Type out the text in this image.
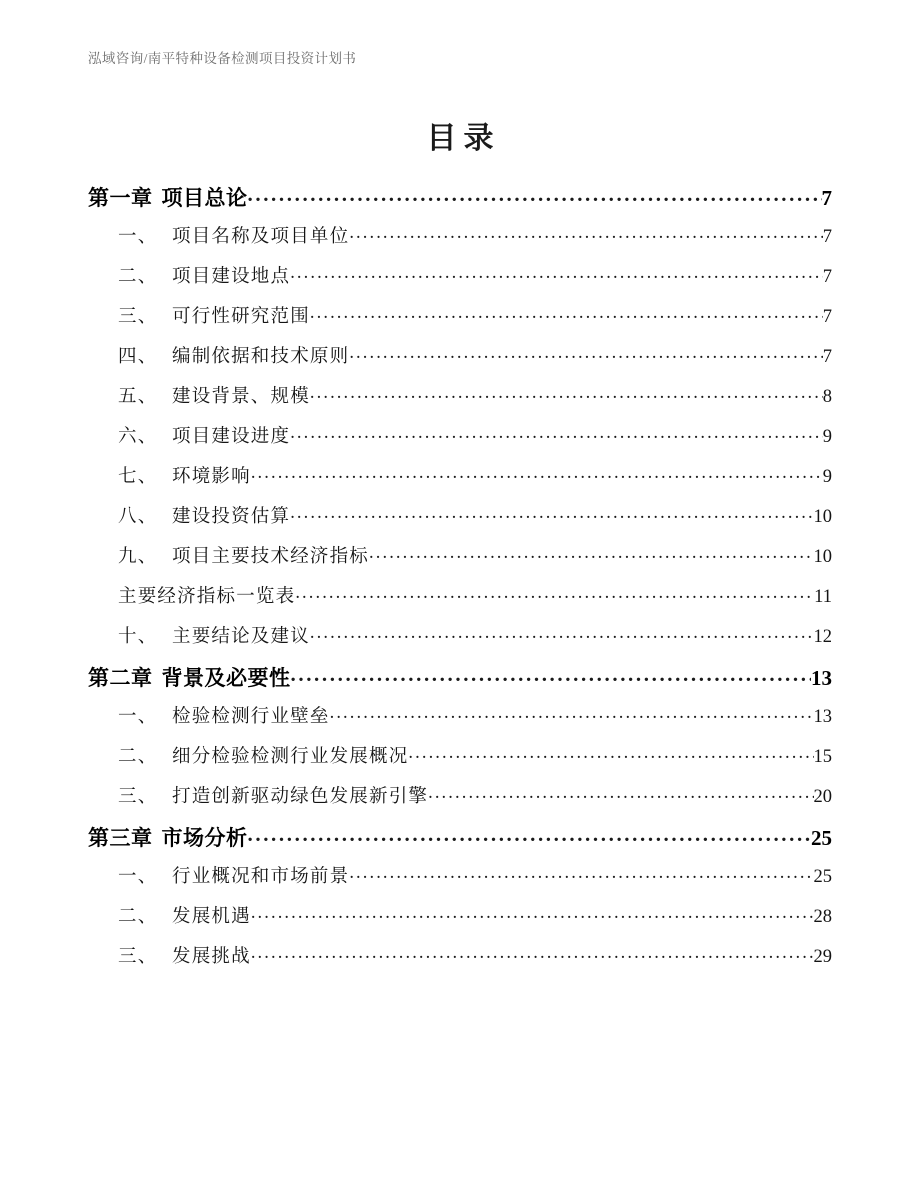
泓域咨询/南平特种设备检测项目投资计划书
目录
第一章 项目总论 .....	7
一、 项目名称及项目单位 .....	7
二、 项目建设地点 .....	7
三、 可行性研究范围 .....	7
四、 编制依据和技术原则 .....	7
五、 建设背景、规模 .....	8
六、 项目建设进度 .....	9
七、 环境影响 .....	9
八、 建设投资估算 .....	10
九、 项目主要技术经济指标 .....	10
主要经济指标一览表 .....	11
十、 主要结论及建议 .....	12
第二章 背景及必要性 .....	13
一、 检验检测行业壁垒 .....	13
二、 细分检验检测行业发展概况 .....	15
三、 打造创新驱动绿色发展新引擎 .....	20
第三章 市场分析 .....	25
一、 行业概况和市场前景 .....	25
二、 发展机遇 .....	28
三、 发展挑战 .....	29
